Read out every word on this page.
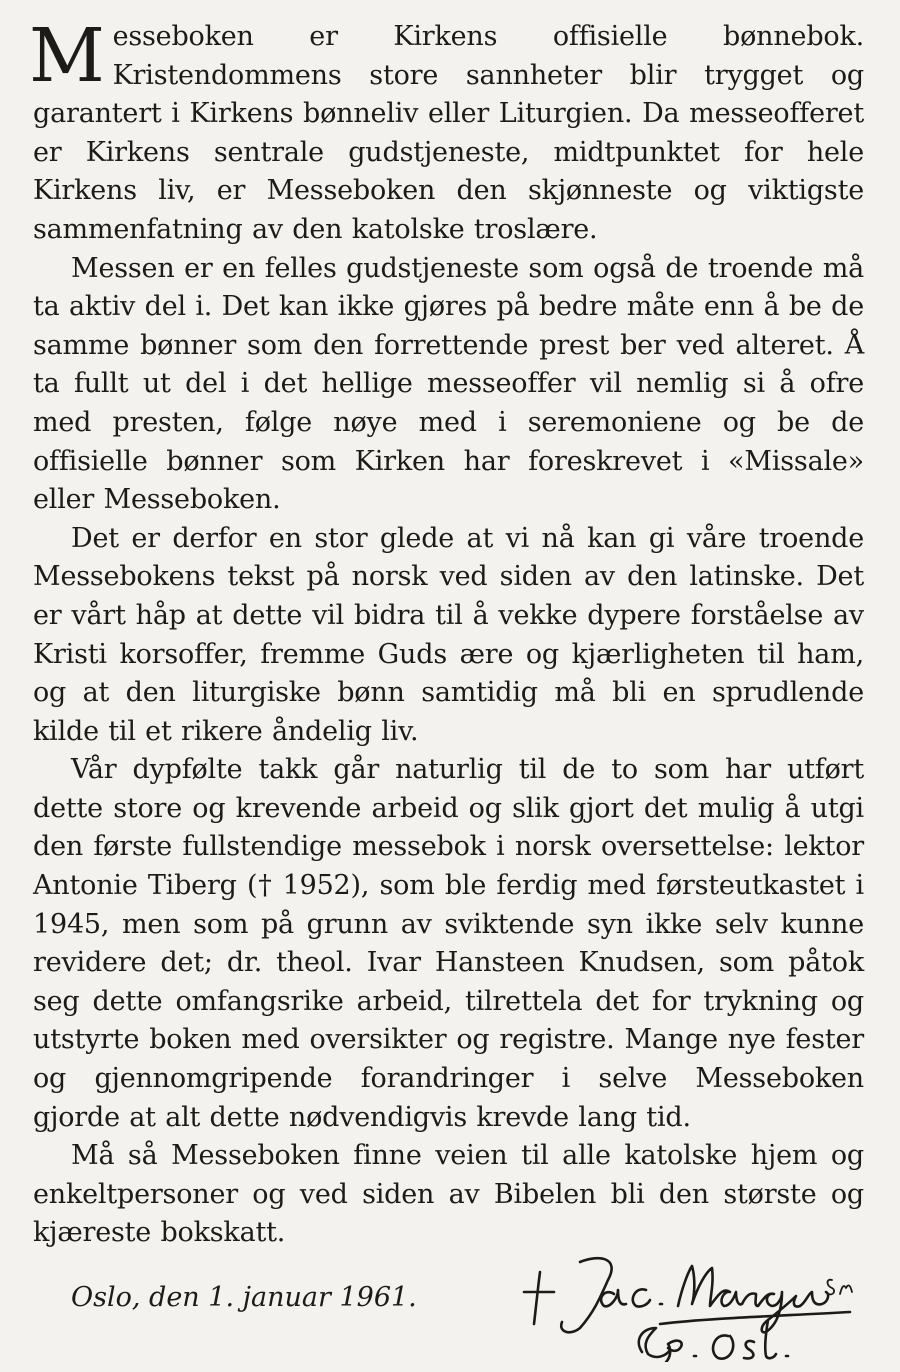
Messeboken er Kirkens offisielle bønnebok. Kristendommens store sannheter blir trygget og garantert i Kirkens bønneliv eller Liturgien. Da messeofferet er Kirkens sentrale gudstjeneste, midtpunktet for hele Kirkens liv, er Messeboken den skjønneste og viktigste sammenfatning av den katolske troslære.

Messen er en felles gudstjeneste som også de troende må ta aktiv del i. Det kan ikke gjøres på bedre måte enn å be de samme bønner som den forrettende prest ber ved alteret. Å ta fullt ut del i det hellige messeoffer vil nemlig si å ofre med presten, følge nøye med i seremoniene og be de offisielle bønner som Kirken har foreskrevet i «Missale» eller Messeboken.

Det er derfor en stor glede at vi nå kan gi våre troende Messebokens tekst på norsk ved siden av den latinske. Det er vårt håp at dette vil bidra til å vekke dypere forståelse av Kristi korsoffer, fremme Guds ære og kjærligheten til ham, og at den liturgiske bønn samtidig må bli en sprudlende kilde til et rikere åndelig liv.

Vår dypfølte takk går naturlig til de to som har utført dette store og krevende arbeid og slik gjort det mulig å utgi den første fullstendige messebok i norsk oversettelse: lektor Antonie Tiberg († 1952), som ble ferdig med førsteutkastet i 1945, men som på grunn av sviktende syn ikke selv kunne revidere det; dr. theol. Ivar Hansteen Knudsen, som påtok seg dette omfangsrike arbeid, tilrettela det for trykning og utstyrte boken med oversikter og registre. Mange nye fester og gjennomgripende forandringer i selve Messeboken gjorde at alt dette nødvendigvis krevde lang tid.

Må så Messeboken finne veien til alle katolske hjem og enkeltpersoner og ved siden av Bibelen bli den største og kjæreste bokskatt.

Oslo, den 1. januar 1961.
